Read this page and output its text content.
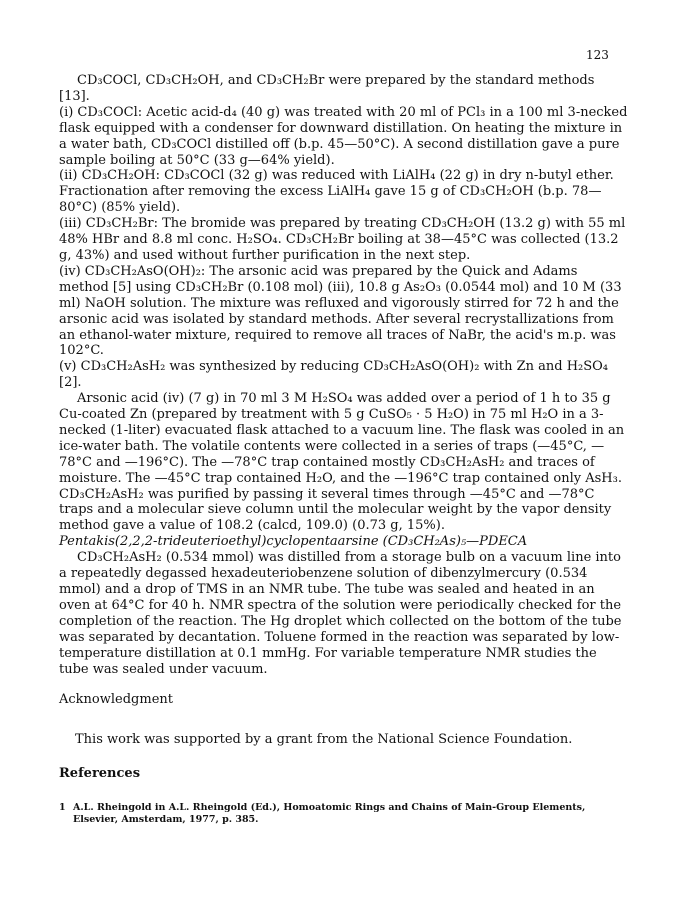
123

CD₃COCl, CD₃CH₂OH, and CD₃CH₂Br were prepared by the standard methods [13].

(i) CD₃COCl: Acetic acid-d₄ (40 g) was treated with 20 ml of PCl₃ in a 100 ml 3-necked flask equipped with a condenser for downward distillation. On heating the mixture in a water bath, CD₃COCl distilled off (b.p. 45—50°C). A second distillation gave a pure sample boiling at 50°C (33 g—64% yield).

(ii) CD₃CH₂OH: CD₃COCl (32 g) was reduced with LiAlH₄ (22 g) in dry n-butyl ether. Fractionation after removing the excess LiAlH₄ gave 15 g of CD₃CH₂OH (b.p. 78—80°C) (85% yield).

(iii) CD₃CH₂Br: The bromide was prepared by treating CD₃CH₂OH (13.2 g) with 55 ml 48% HBr and 8.8 ml conc. H₂SO₄. CD₃CH₂Br boiling at 38—45°C was collected (13.2 g, 43%) and used without further purification in the next step.

(iv) CD₃CH₂AsO(OH)₂: The arsonic acid was prepared by the Quick and Adams method [5] using CD₃CH₂Br (0.108 mol) (iii), 10.8 g As₂O₃ (0.0544 mol) and 10 M (33 ml) NaOH solution. The mixture was refluxed and vigorously stirred for 72 h and the arsonic acid was isolated by standard methods. After several recrystallizations from an ethanol-water mixture, required to remove all traces of NaBr, the acid's m.p. was 102°C.

(v) CD₃CH₂AsH₂ was synthesized by reducing CD₃CH₂AsO(OH)₂ with Zn and H₂SO₄ [2].

Arsonic acid (iv) (7 g) in 70 ml 3 M H₂SO₄ was added over a period of 1 h to 35 g Cu-coated Zn (prepared by treatment with 5 g CuSO₅ · 5 H₂O) in 75 ml H₂O in a 3-necked (1-liter) evacuated flask attached to a vacuum line. The flask was cooled in an ice-water bath. The volatile contents were collected in a series of traps (—45°C, —78°C and —196°C). The —78°C trap contained mostly CD₃CH₂AsH₂ and traces of moisture. The —45°C trap contained H₂O, and the —196°C trap contained only AsH₃. CD₃CH₂AsH₂ was purified by passing it several times through —45°C and —78°C traps and a molecular sieve column until the molecular weight by the vapor density method gave a value of 108.2 (calcd, 109.0) (0.73 g, 15%).

Pentakis(2,2,2-trideuterioethyl)cyclopentaarsine (CD₃CH₂As)₅—PDECA

CD₃CH₂AsH₂ (0.534 mmol) was distilled from a storage bulb on a vacuum line into a repeatedly degassed hexadeuteriobenzene solution of dibenzylmercury (0.534 mmol) and a drop of TMS in an NMR tube. The tube was sealed and heated in an oven at 64°C for 40 h. NMR spectra of the solution were periodically checked for the completion of the reaction. The Hg droplet which collected on the bottom of the tube was separated by decantation. Toluene formed in the reaction was separated by low-temperature distillation at 0.1 mmHg. For variable temperature NMR studies the tube was sealed under vacuum.

Acknowledgment

This work was supported by a grant from the National Science Foundation.

References
1 A.L. Rheingold in A.L. Rheingold (Ed.), Homoatomic Rings and Chains of Main-Group Elements, Elsevier, Amsterdam, 1977, p. 385.
